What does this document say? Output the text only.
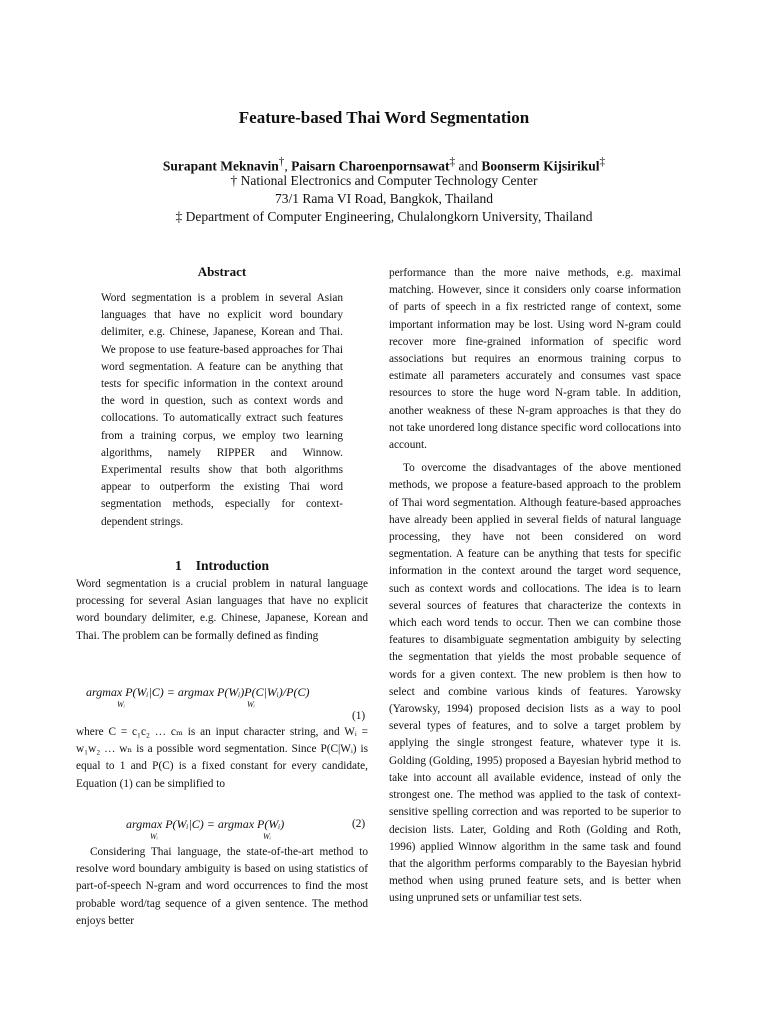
Feature-based Thai Word Segmentation
Surapant Meknavin†, Paisarn Charoenpornsawat‡ and Boonserm Kijsirikul‡
† National Electronics and Computer Technology Center
73/1 Rama VI Road, Bangkok, Thailand
‡ Department of Computer Engineering, Chulalongkorn University, Thailand
Abstract

Word segmentation is a problem in several Asian languages that have no explicit word boundary delimiter, e.g. Chinese, Japanese, Korean and Thai. We propose to use feature-based approaches for Thai word segmentation. A feature can be anything that tests for specific information in the context around the word in question, such as context words and collocations. To automatically extract such features from a training corpus, we employ two learning algorithms, namely RIPPER and Winnow. Experimental results show that both algorithms appear to outperform the existing Thai word segmentation methods, especially for context-dependent strings.

1 Introduction

Word segmentation is a crucial problem in natural language processing for several Asian languages that have no explicit word boundary delimiter, e.g. Chinese, Japanese, Korean and Thai. The problem can be formally defined as finding

argmax P(Wᵢ|C) = argmax P(Wᵢ)P(C|Wᵢ)/P(C)
Wᵢ	Wᵢ
(1)

where C = c₁c₂ … cₘ is an input character string, and Wᵢ = w₁w₂ … wₙ is a possible word segmentation. Since P(C|Wᵢ) is equal to 1 and P(C) is a fixed constant for every candidate, Equation (1) can be simplified to

argmax P(Wᵢ|C) = argmax P(Wᵢ)
Wᵢ	Wᵢ
(2)

Considering Thai language, the state-of-the-art method to resolve word boundary ambiguity is based on using statistics of part-of-speech N-gram and word occurrences to find the most probable word/tag sequence of a given sentence. The method enjoys better

performance than the more naive methods, e.g. maximal matching. However, since it considers only coarse information of parts of speech in a fix restricted range of context, some important information may be lost. Using word N-gram could recover more fine-grained information of specific word associations but requires an enormous training corpus to estimate all parameters accurately and consumes vast space resources to store the huge word N-gram table. In addition, another weakness of these N-gram approaches is that they do not take unordered long distance specific word collocations into account.

To overcome the disadvantages of the above mentioned methods, we propose a feature-based approach to the problem of Thai word segmentation. Although feature-based approaches have already been applied in several fields of natural language processing, they have not been considered on word segmentation. A feature can be anything that tests for specific information in the context around the target word sequence, such as context words and collocations. The idea is to learn several sources of features that characterize the contexts in which each word tends to occur. Then we can combine those features to disambiguate segmentation ambiguity by selecting the segmentation that yields the most probable sequence of words for a given context. The new problem is then how to select and combine various kinds of features. Yarowsky (Yarowsky, 1994) proposed decision lists as a way to pool several types of features, and to solve a target problem by applying the single strongest feature, whatever type it is. Golding (Golding, 1995) proposed a Bayesian hybrid method to take into account all available evidence, instead of only the strongest one. The method was applied to the task of context-sensitive spelling correction and was reported to be superior to decision lists. Later, Golding and Roth (Golding and Roth, 1996) applied Winnow algorithm in the same task and found that the algorithm performs comparably to the Bayesian hybrid method when using pruned feature sets, and is better when using unpruned sets or unfamiliar test sets.
